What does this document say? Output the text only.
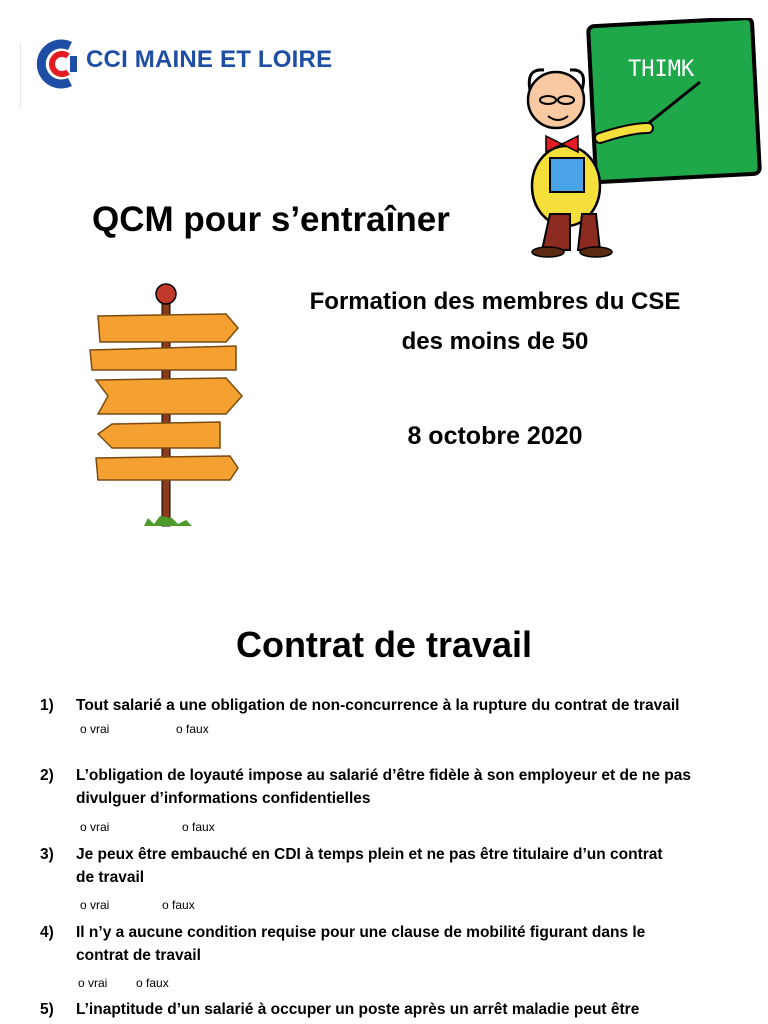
CCI MAINE ET LOIRE	THIMK
QCM pour s’entraîner
Formation des membres du CSE
des moins de 50
8 octobre 2020
Contrat de travail
1)	Tout salarié a une obligation de non-concurrence à la rupture du contrat de travail
o vrai	o faux
2)	L’obligation de loyauté impose au salarié d’être fidèle à son employeur et de ne pas
divulguer d’informations confidentielles
o vrai	o faux
3)	Je peux être embauché en CDI à temps plein et ne pas être titulaire d’un contrat
de travail
o vrai	o faux
4)	Il n’y a aucune condition requise pour une clause de mobilité figurant dans le
contrat de travail
o vrai o faux
5)	L’inaptitude d’un salarié à occuper un poste après un arrêt maladie peut être
